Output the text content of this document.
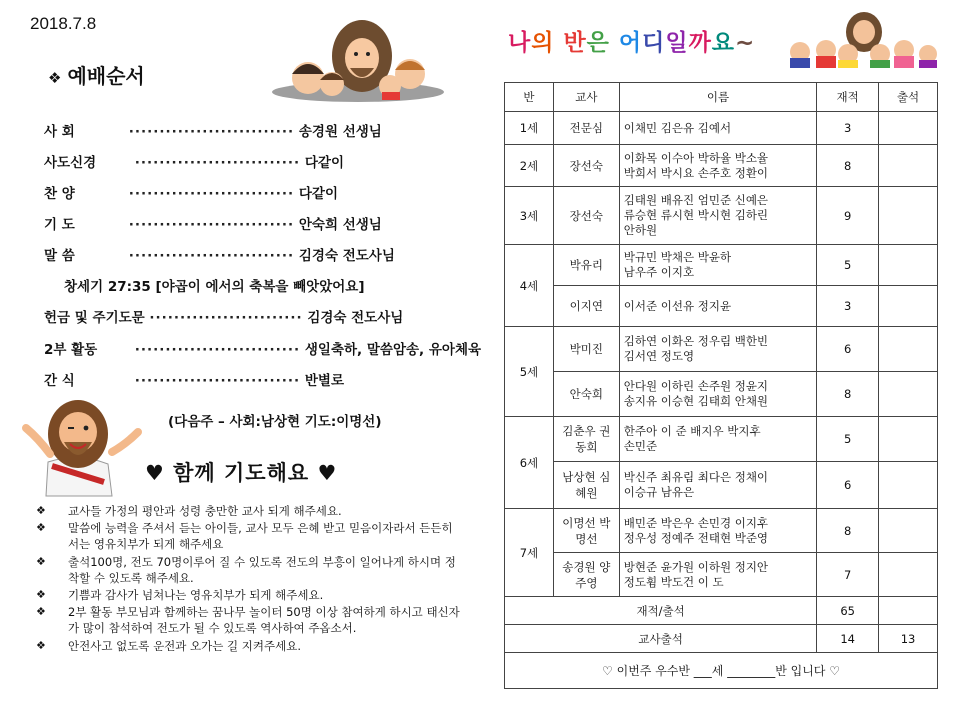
2018.7.8
❖ 예배순서
사 회	··························· 송경원 선생님
사도신경	··························· 다같이
찬 양	··························· 다같이
기 도	··························· 안숙희 선생님
말 씀	··························· 김경숙 전도사님
창세기 27:35 [야곱이 에서의 축복을 빼앗았어요]
헌금 및 주기도문 ························· 김경숙 전도사님
2부 활동	··························· 생일축하, 말씀암송, 유아체육
간 식	··························· 반별로
(다음주 – 사회:남상현 기도:이명선)
♥ 함께 기도해요 ♥
❖ 교사들 가정의 평안과 성령 충만한 교사 되게 해주세요.
❖ 말씀에 능력을 주셔서 듣는 아이들, 교사 모두 은혜 받고 믿음이자라서 든든히 서는 영유치부가 되게 해주세요
❖ 출석100명, 전도 70명이루어 질 수 있도록 전도의 부흥이 일어나게 하시며 정착할 수 있도록 해주세요.
❖ 기쁨과 감사가 넘쳐나는 영유치부가 되게 해주세요.
❖ 2부 활동 부모님과 함께하는 꿈나무 놀이터 50명 이상 참여하게 하시고 태신자가 많이 참석하여 전도가 될 수 있도록 역사하여 주옵소서.
❖ 안전사고 없도록 운전과 오가는 길 지켜주세요.
나의 반은 어디일까요~
반	교사	이름	재적	출석
1세	전문심	이채민 김은유 김예서	3	
2세	장선숙	이화목 이수아 박하율 박소율
박희서 박시요 손주호 정환이	8	
3세	장선숙	김태원 배유진 엄민준 신예은
류승현 류시현 박시현 김하린
안하원	9	
4세	박유리	박규민 박채은 박윤하
남우주 이지호	5	
	이지연	이서준 이선유 정지윤	3	
5세	박미진	김하연 이화온 정우림 백한빈
김서연 정도영	6	
	안숙희	안다원 이하린 손주원 정윤지
송지유 이승현 김태희 안채원	8	
6세	김춘우 권동희	한주아 이 준 배지우 박지후
손민준	5	
	남상현 심혜원	박신주 최유림 최다은 정채이
이승규 남유은	6	
7세	이명선 박명선	배민준 박은우 손민경 이지후
정우성 정예주 전태현 박준영	8	
	송경원 양주영	방현준 윤가원 이하원 정지안
정도휨 박도건 이 도	7	
재적/출석			65	
교사출석			14	13
♡ 이번주 우수반 ___세 ________반 입니다 ♡				
